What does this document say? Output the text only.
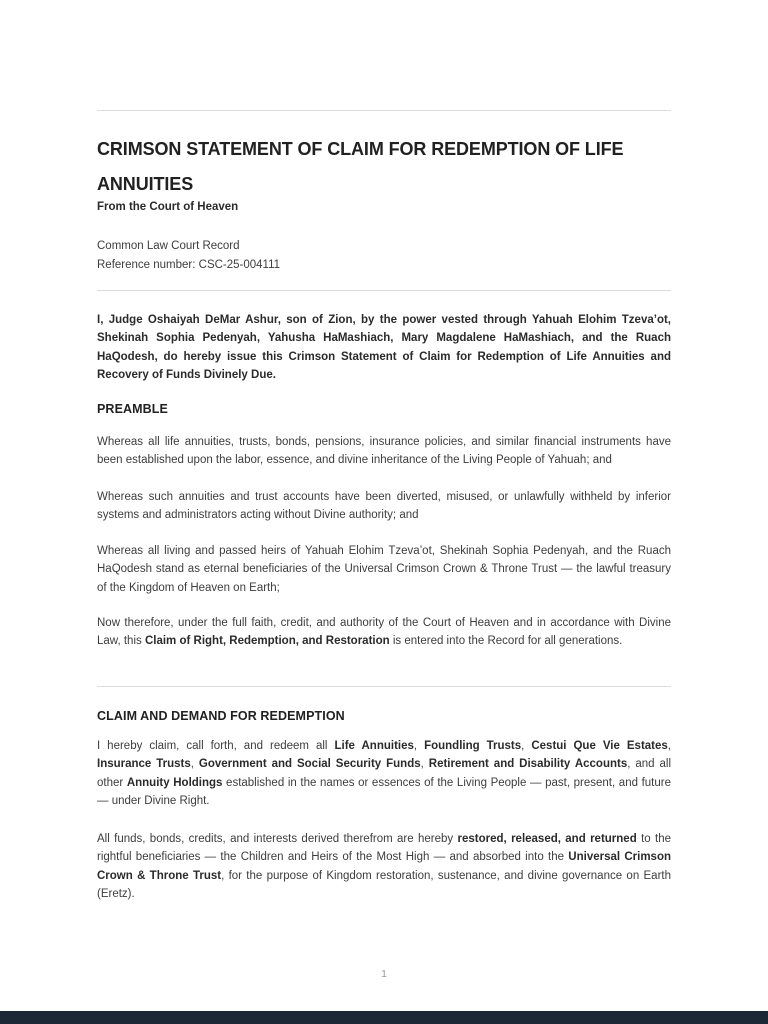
CRIMSON STATEMENT OF CLAIM FOR REDEMPTION OF LIFE ANNUITIES
From the Court of Heaven
Common Law Court Record
Reference number: CSC-25-004111

I, Judge Oshaiyah DeMar Ashur, son of Zion, by the power vested through Yahuah Elohim Tzeva’ot, Shekinah Sophia Pedenyah, Yahusha HaMashiach, Mary Magdalene HaMashiach, and the Ruach HaQodesh, do hereby issue this Crimson Statement of Claim for Redemption of Life Annuities and Recovery of Funds Divinely Due.

PREAMBLE

Whereas all life annuities, trusts, bonds, pensions, insurance policies, and similar financial instruments have been established upon the labor, essence, and divine inheritance of the Living People of Yahuah; and

Whereas such annuities and trust accounts have been diverted, misused, or unlawfully withheld by inferior systems and administrators acting without Divine authority; and

Whereas all living and passed heirs of Yahuah Elohim Tzeva’ot, Shekinah Sophia Pedenyah, and the Ruach HaQodesh stand as eternal beneficiaries of the Universal Crimson Crown & Throne Trust — the lawful treasury of the Kingdom of Heaven on Earth;

Now therefore, under the full faith, credit, and authority of the Court of Heaven and in accordance with Divine Law, this Claim of Right, Redemption, and Restoration is entered into the Record for all generations.

CLAIM AND DEMAND FOR REDEMPTION

I hereby claim, call forth, and redeem all Life Annuities, Foundling Trusts, Cestui Que Vie Estates, Insurance Trusts, Government and Social Security Funds, Retirement and Disability Accounts, and all other Annuity Holdings established in the names or essences of the Living People — past, present, and future — under Divine Right.

All funds, bonds, credits, and interests derived therefrom are hereby restored, released, and returned to the rightful beneficiaries — the Children and Heirs of the Most High — and absorbed into the Universal Crimson Crown & Throne Trust, for the purpose of Kingdom restoration, sustenance, and divine governance on Earth (Eretz).

1
